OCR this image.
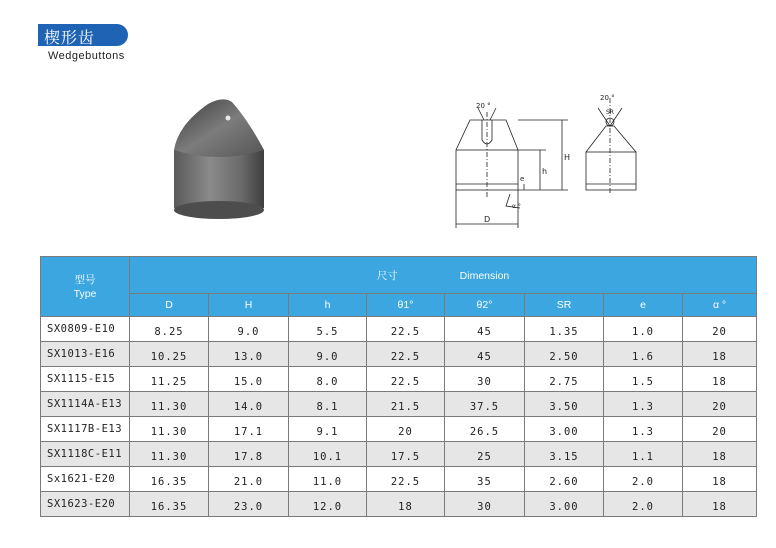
楔形齿
Wedgebuttons
20 °
h
H
e
α °
D
20 °
SR
型号
Type	尺寸 Dimension							
	D	H	h	θ1°	θ2°	SR	e	α °
SX0809-E10	8.25	9.0	5.5	22.5	45	1.35	1.0	20
SX1013-E16	10.25	13.0	9.0	22.5	45	2.50	1.6	18
SX1115-E15	11.25	15.0	8.0	22.5	30	2.75	1.5	18
SX1114A-E13	11.30	14.0	8.1	21.5	37.5	3.50	1.3	20
SX1117B-E13	11.30	17.1	9.1	20	26.5	3.00	1.3	20
SX1118C-E11	11.30	17.8	10.1	17.5	25	3.15	1.1	18
Sx1621-E20	16.35	21.0	11.0	22.5	35	2.60	2.0	18
SX1623-E20	16.35	23.0	12.0	18	30	3.00	2.0	18
